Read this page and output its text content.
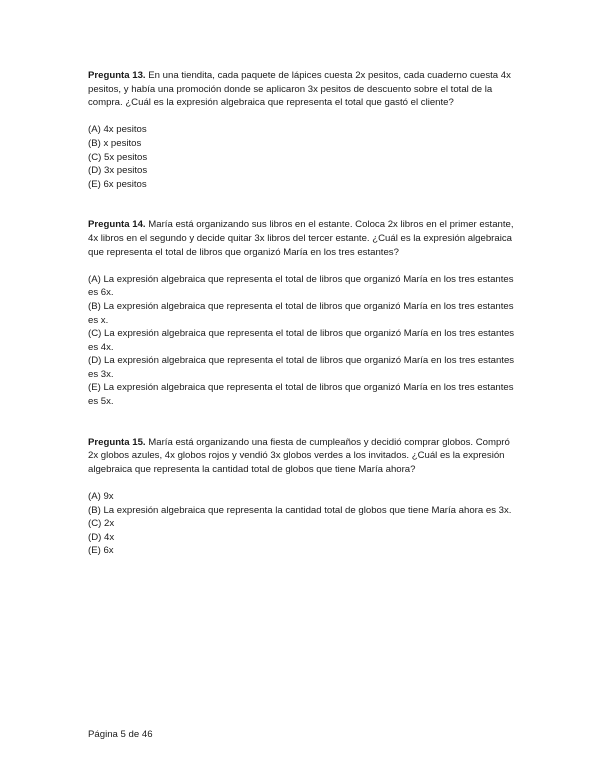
Pregunta 13. En una tiendita, cada paquete de lápices cuesta 2x pesitos, cada cuaderno cuesta 4x pesitos, y había una promoción donde se aplicaron 3x pesitos de descuento sobre el total de la compra. ¿Cuál es la expresión algebraica que representa el total que gastó el cliente?

(A) 4x pesitos
(B) x pesitos
(C) 5x pesitos
(D) 3x pesitos
(E) 6x pesitos

Pregunta 14. María está organizando sus libros en el estante. Coloca 2x libros en el primer estante, 4x libros en el segundo y decide quitar 3x libros del tercer estante. ¿Cuál es la expresión algebraica que representa el total de libros que organizó María en los tres estantes?

(A) La expresión algebraica que representa el total de libros que organizó María en los tres estantes es 6x.
(B) La expresión algebraica que representa el total de libros que organizó María en los tres estantes es x.
(C) La expresión algebraica que representa el total de libros que organizó María en los tres estantes es 4x.
(D) La expresión algebraica que representa el total de libros que organizó María en los tres estantes es 3x.
(E) La expresión algebraica que representa el total de libros que organizó María en los tres estantes es 5x.

Pregunta 15. María está organizando una fiesta de cumpleaños y decidió comprar globos. Compró 2x globos azules, 4x globos rojos y vendió 3x globos verdes a los invitados. ¿Cuál es la expresión algebraica que representa la cantidad total de globos que tiene María ahora?

(A) 9x
(B) La expresión algebraica que representa la cantidad total de globos que tiene María ahora es 3x.
(C) 2x
(D) 4x
(E) 6x
Página 5 de 46
